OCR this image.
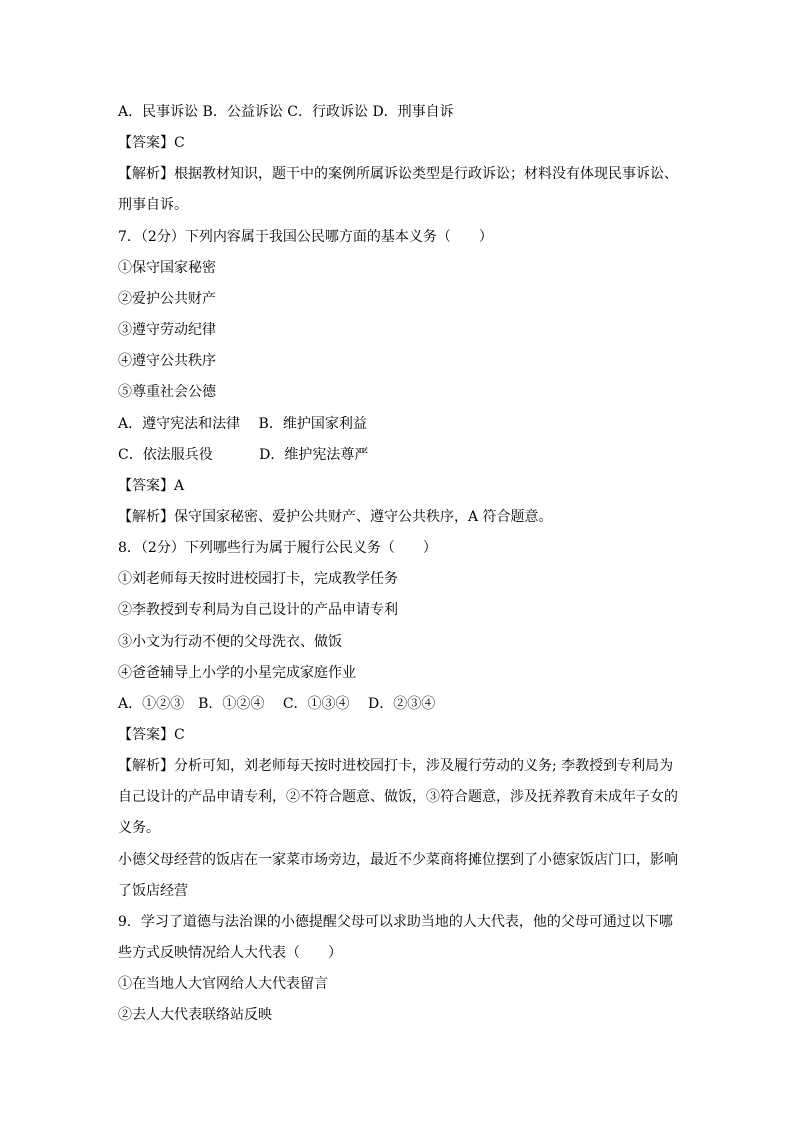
A．民事诉讼 B．公益诉讼 C．行政诉讼 D．刑事自诉
【答案】C
【解析】根据教材知识，题干中的案例所属诉讼类型是行政诉讼；材料没有体现民事诉讼、
刑事自诉。
7．（2分）下列内容属于我国公民哪方面的基本义务（　　）
①保守国家秘密
②爱护公共财产
③遵守劳动纪律
④遵守公共秩序
⑤尊重社会公德
A．遵守宪法和法律　 B．维护国家利益
C．依法服兵役　　　 D．维护宪法尊严
【答案】A
【解析】保守国家秘密、爱护公共财产、遵守公共秩序，A 符合题意。
8．（2分）下列哪些行为属于履行公民义务（　　）
①刘老师每天按时进校园打卡，完成教学任务
②李教授到专利局为自己设计的产品申请专利
③小文为行动不便的父母洗衣、做饭
④爸爸辅导上小学的小星完成家庭作业
A．①②③　B．①②④　 C．①③④　 D．②③④
【答案】C
【解析】分析可知，刘老师每天按时进校园打卡，涉及履行劳动的义务; 李教授到专利局为
自己设计的产品申请专利，②不符合题意、做饭，③符合题意，涉及抚养教育未成年子女的
义务。
小德父母经营的饭店在一家菜市场旁边，最近不少菜商将摊位摆到了小德家饭店门口，影响
了饭店经营
9．学习了道德与法治课的小德提醒父母可以求助当地的人大代表，他的父母可通过以下哪
些方式反映情况给人大代表（　　）
①在当地人大官网给人大代表留言
②去人大代表联络站反映
